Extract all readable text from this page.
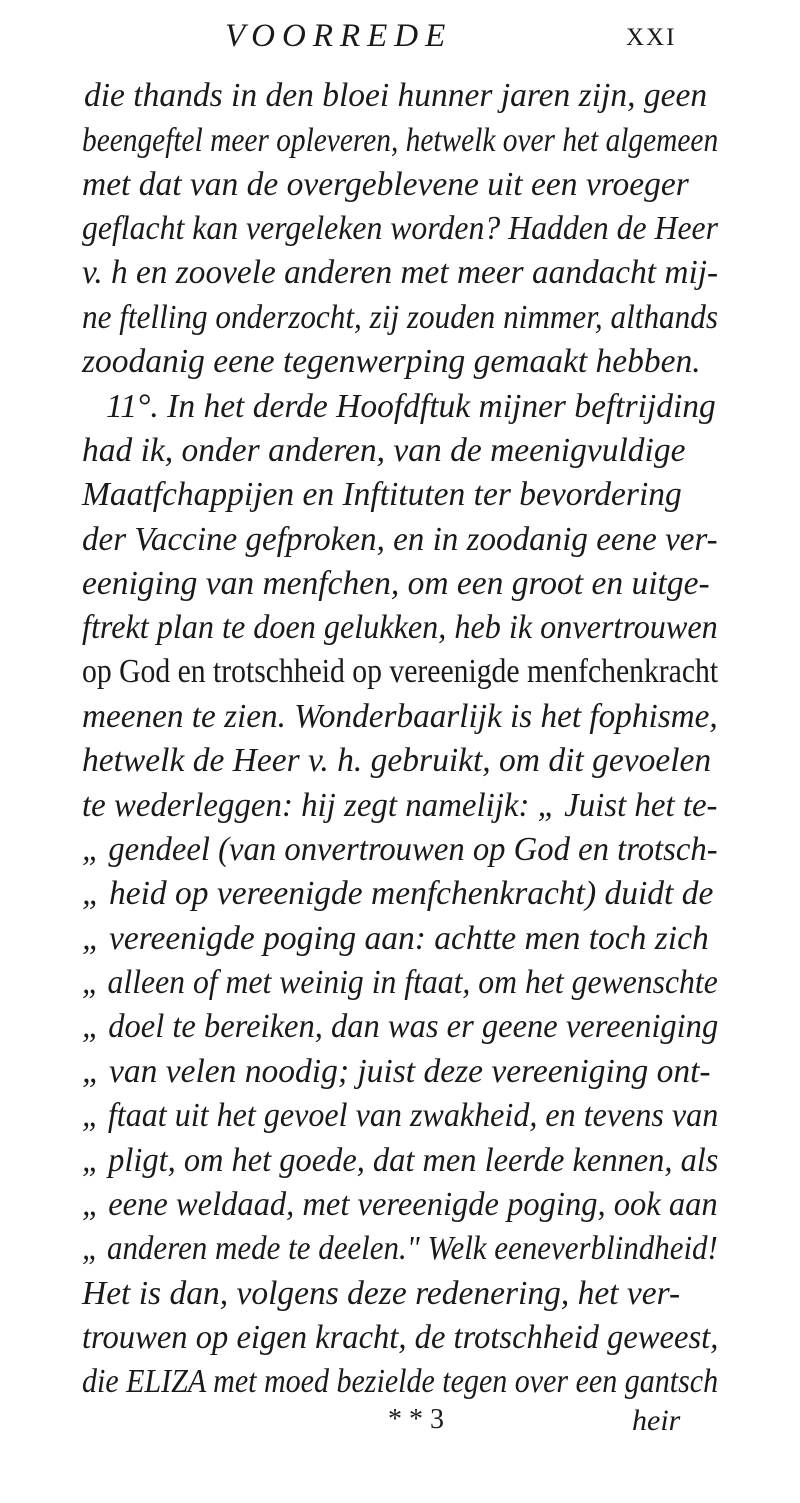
VOORREDE	XXI
die thands in den bloei hunner jaren zijn, geen
beengeftel meer opleveren, hetwelk over het algemeen
met dat van de overgeblevene uit een vroeger
geflacht kan vergeleken worden? Hadden de Heer
v. h en zoovele anderen met meer aandacht mij-
ne ftelling onderzocht, zij zouden nimmer, althands
zoodanig eene tegenwerping gemaakt hebben.
11°. In het derde Hoofdftuk mijner beftrijding
had ik, onder anderen, van de meenigvuldige
Maatfchappijen en Inftituten ter bevordering
der Vaccine gefproken, en in zoodanig eene ver-
eeniging van menfchen, om een groot en uitge-
ftrekt plan te doen gelukken, heb ik onvertrouwen
op God en trotschheid op vereenigde menfchenkracht
meenen te zien. Wonderbaarlijk is het fophisme,
hetwelk de Heer v. h. gebruikt, om dit gevoelen
te wederleggen: hij zegt namelijk: „ Juist het te-
„ gendeel (van onvertrouwen op God en trotsch-
„ heid op vereenigde menfchenkracht) duidt de
„ vereenigde poging aan: achtte men toch zich
„ alleen of met weinig in ftaat, om het gewenschte
„ doel te bereiken, dan was er geene vereeniging
„ van velen noodig; juist deze vereeniging ont-
„ ftaat uit het gevoel van zwakheid, en tevens van
„ pligt, om het goede, dat men leerde kennen, als
„ eene weldaad, met vereenigde poging, ook aan
„ anderen mede te deelen." Welk eeneverblindheid!
Het is dan, volgens deze redenering, het ver-
trouwen op eigen kracht, de trotschheid geweest,
die ELIZA met moed bezielde tegen over een gantsch
* * 3	heir
